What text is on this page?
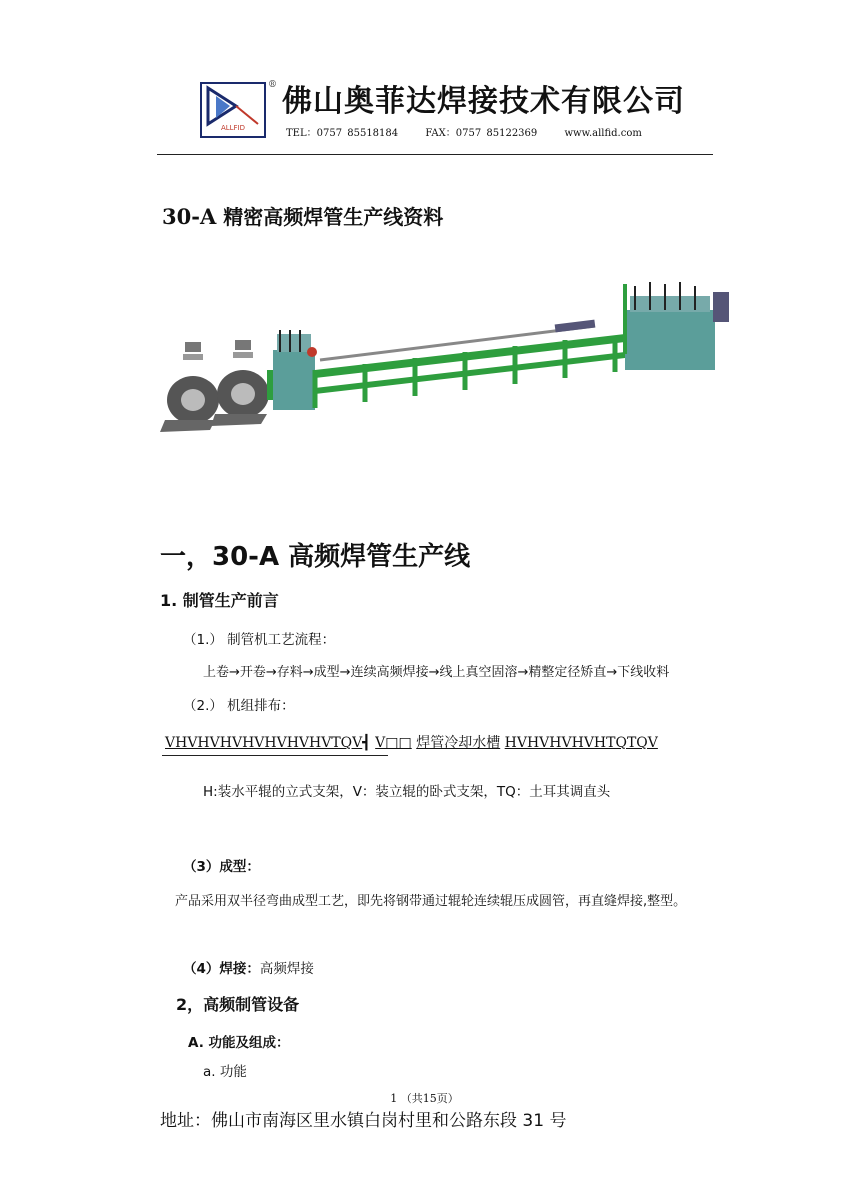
ALLFID
® 佛山奥菲达焊接技术有限公司
TEL：0757 85518184	FAX：0757 85122369	www.allfid.com
30-A 精密高频焊管生产线资料
一，30-A 高频焊管生产线
1. 制管生产前言
（1.） 制管机工艺流程：
上卷→开卷→存料→成型→连续高频焊接→线上真空固溶→精整定径矫直→下线收料
（2.） 机组排布：
VHVHVHVHVHVHVHVTQV┫ V□□ 焊管冷却水槽 HVHVHVHVHTQTQV
H:装水平辊的立式支架，V：装立辊的卧式支架，TQ：土耳其调直头
（3）成型：
产品采用双半径弯曲成型工艺，即先将钢带通过辊轮连续辊压成圆管，再直缝焊接,整型。
（4）焊接：高频焊接
2，高频制管设备
A. 功能及组成：
a. 功能
1 （共15页）
地址：佛山市南海区里水镇白岗村里和公路东段 31 号
